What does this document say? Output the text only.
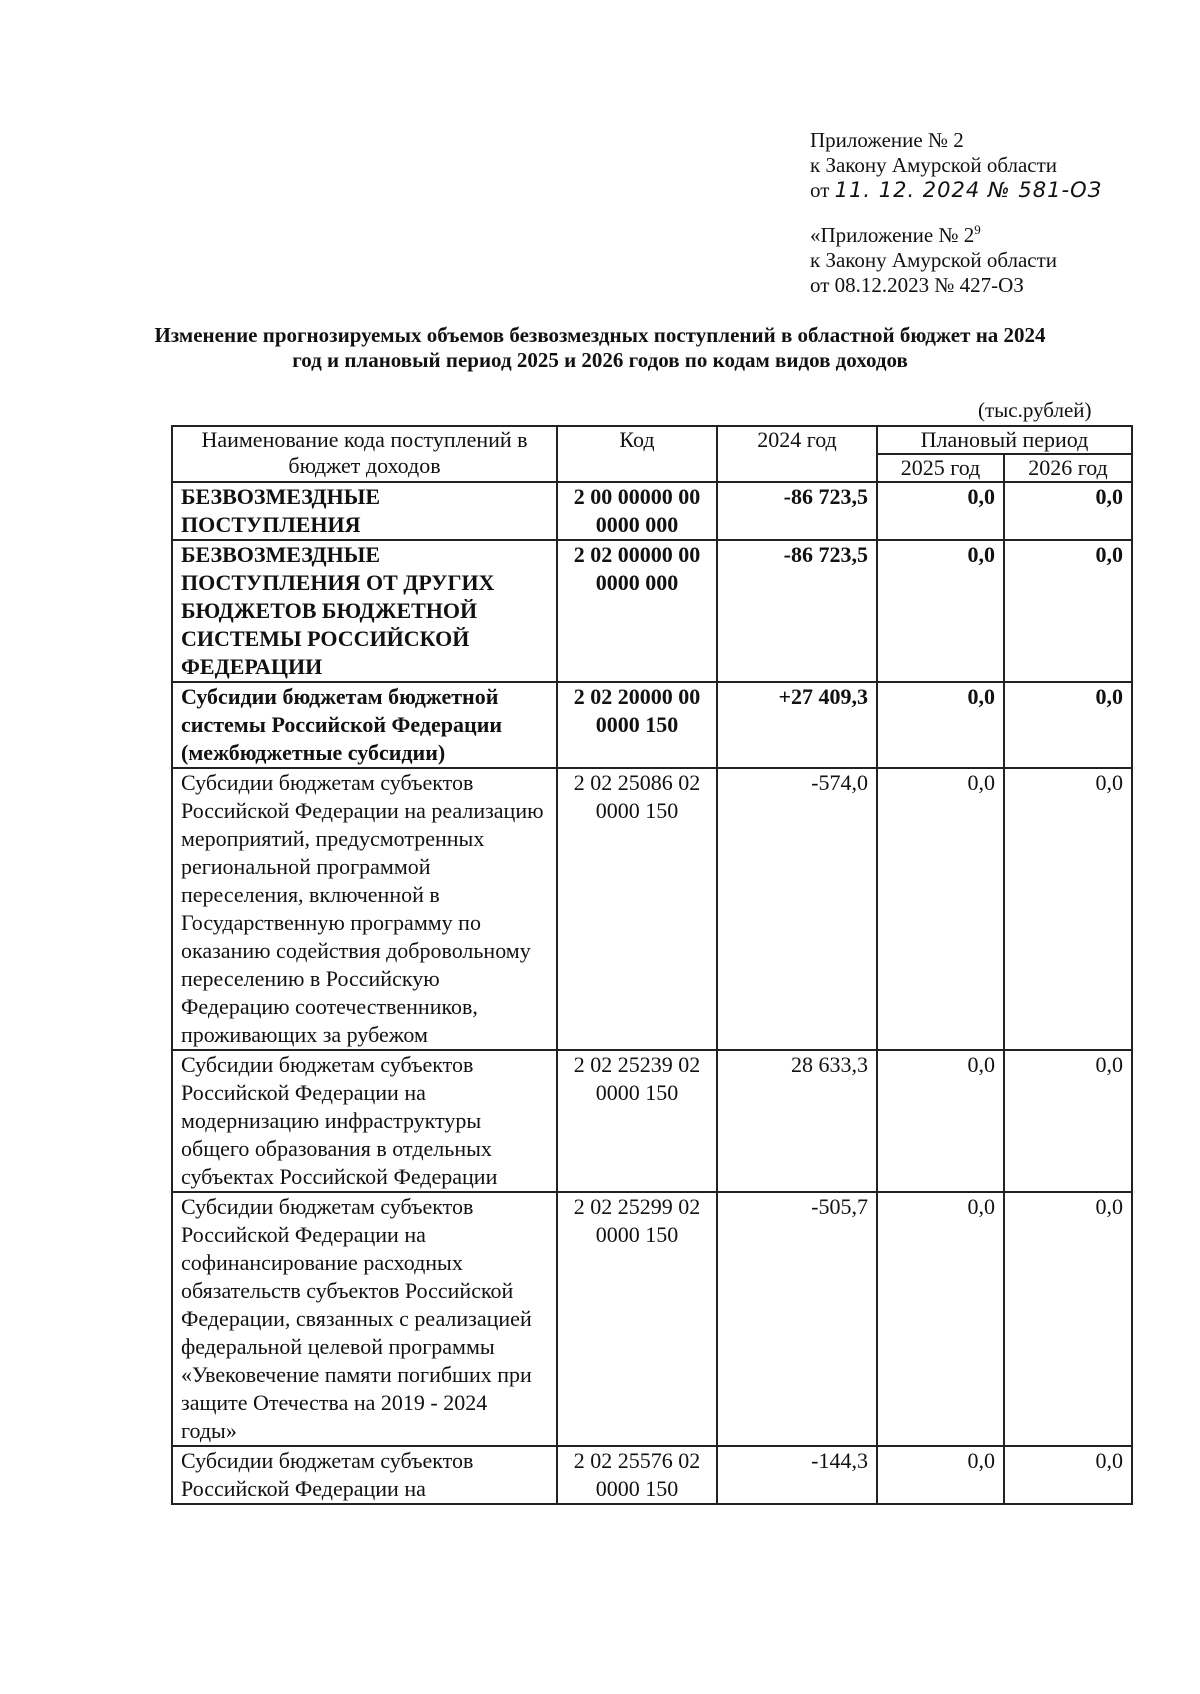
Приложение № 2
к Закону Амурской области
от 11. 12. 2024 № 581-ОЗ
«Приложение № $2^9$
к Закону Амурской области
от 08.12.2023 № 427-ОЗ
Изменение прогнозируемых объемов безвозмездных поступлений в областной бюджет на 2024 год и плановый период 2025 и 2026 годов по кодам видов доходов
(тыс.рублей)
Наименование кода поступлений в бюджет доходов	Код	2024 год	Плановый период	
			2025 год	2026 год
БЕЗВОЗМЕЗДНЫЕ ПОСТУПЛЕНИЯ	2 00 00000 00 0000 000	-86 723,5	0,0	0,0
БЕЗВОЗМЕЗДНЫЕ ПОСТУПЛЕНИЯ ОТ ДРУГИХ БЮДЖЕТОВ БЮДЖЕТНОЙ СИСТЕМЫ РОССИЙСКОЙ ФЕДЕРАЦИИ	2 02 00000 00 0000 000	-86 723,5	0,0	0,0
Субсидии бюджетам бюджетной системы Российской Федерации (межбюджетные субсидии)	2 02 20000 00 0000 150	+27 409,3	0,0	0,0
Субсидии бюджетам субъектов Российской Федерации на реализацию мероприятий, предусмотренных региональной программой переселения, включенной в Государственную программу по оказанию содействия добровольному переселению в Российскую Федерацию соотечественников, проживающих за рубежом	2 02 25086 02 0000 150	-574,0	0,0	0,0
Субсидии бюджетам субъектов Российской Федерации на модернизацию инфраструктуры общего образования в отдельных субъектах Российской Федерации	2 02 25239 02 0000 150	28 633,3	0,0	0,0
Субсидии бюджетам субъектов Российской Федерации на софинансирование расходных обязательств субъектов Российской Федерации, связанных с реализацией федеральной целевой программы «Увековечение памяти погибших при защите Отечества на 2019 - 2024 годы»	2 02 25299 02 0000 150	-505,7	0,0	0,0
Субсидии бюджетам субъектов Российской Федерации на	2 02 25576 02 0000 150	-144,3	0,0	0,0
